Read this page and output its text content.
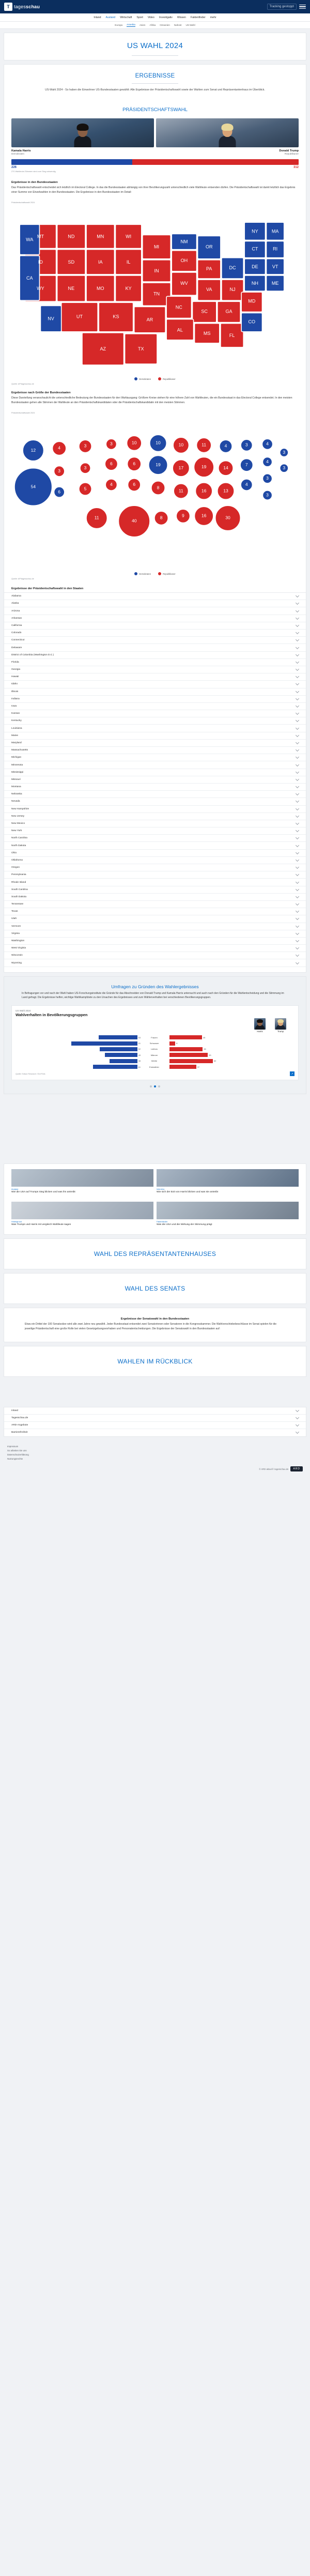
T tagesschau	Tracking gestoppt
Inland Ausland Wirtschaft Sport Video Investigativ Wissen Faktenfinder mehr
Europa Amerika Asien Afrika Ozeanien Nahost US-Wahl
US WAHL 2024
ERGEBNISSE
US-Wahl 2024 - So haben die Einwohner US-Bundesstaaten gewählt: Alle Ergebnisse der Präsidentschaftswahl sowie der Wahlen zum Senat und Repräsentantenhaus im Überblick.
PRÄSIDENTSCHAFTSWAHL
Kamala Harris
Demokraten
Donald Trump
Republikaner
226	312
270 Wahlleute-Stimmen sind zum Sieg notwendig
Ergebnisse in den Bundesstaaten
Das Präsidentschaftswahl entscheidet sich letztlich im Electoral College. In das die Bundesstaaten abhängig von ihrer Bevölkerungszahl unterschiedlich viele Wahlleute entsenden dürfen. Die Präsidentschaftswahl ist damit letztlich das Ergebnis einer Summe von Einzelwahlen in den Bundesstaaten. Die Ergebnisse in den Bundesstaaten im Detail:
Präsidentschaftswahl 2024
MT	ND	MN	WI
ID	SD	IA	IL
MI
IN
OH
PA
WY	NE	MO	KY
TN
WV
VA	NJ
UT	KS
AR
NC
SC	GA
MD
AL
MS	FL
AZ	TX
NY	MA
CT	RI
DE	VT
NH	ME
DC
CA
WA
NV
CO
NM
OR
Demokraten	Republikaner
Quelle: AP/tagesschau.de
Ergebnisse nach Größe der Bundesstaaten
Diese Darstellung veranschaulicht die unterschiedliche Bedeutung der Bundesstaaten für den Wahlausgang: Größere Kreise stehen für eine höhere Zahl von Wahlleuten, die ein Bundesstaat in das Electoral College entsendet. In den meisten Bundesstaaten gehen alle Stimmen der Wahlleute an den Präsidentschaftskandidaten oder die Präsidentschaftskandidatin mit den meisten Stimmen.
Präsidentschaftswahl 2024
12
54
4
3
6
3
3
5
3
6
4
11
10
6
6
40
10
19
8
8
10
17
11
9
11
19
16
16
4
14
13
30
3
7
4
4
4
3
3
3
3
Demokraten	Republikaner
Quelle: AP/tagesschau.de
Ergebnisse der Präsidentschaftswahl in den Staaten
Alabama
Alaska
Arizona
Arkansas
California
Colorado
Connecticut
Delaware
District of Columbia (Washington D.C.)
Florida
Georgia
Hawaii
Idaho
Illinois
Indiana
Iowa
Kansas
Kentucky
Louisiana
Maine
Maryland
Massachusetts
Michigan
Minnesota
Mississippi
Missouri
Montana
Nebraska
Nevada
New Hampshire
New Jersey
New Mexico
New York
North Carolina
North Dakota
Ohio
Oklahoma
Oregon
Pennsylvania
Rhode Island
South Carolina
South Dakota
Tennessee
Texas
Utah
Vermont
Virginia
Washington
West Virginia
Wisconsin
Wyoming
Umfragen zu Gründen des Wahlergebnisses
In Befragungen vor und nach der Wahl haben US-Forschungsinstitute die Gründe für das Abschneiden von Donald Trump und Kamala Harris untersucht und auch nach den Gründen für die Wahlentscheidung und die Stimmung im Land gefragt. Die Ergebnisse helfen, wichtige Wahlkampfziele zu den Ursachen des Ergebnisses und zum Wählerverhalten bei verschiedenen Bevölkerungsgruppen.
US Wahl 2024
Wahlverhalten in Bevölkerungsgruppen
Harris	Trump
53	Frauen	45
91	Schwarze	8
52	Latinos	46
45	Männer	53
38	Weiße	60
61	Erstwähler	37
Quelle: Edison Research / Exit Polls	↗
Analyse
Wie die USA auf Trumps Sieg blicken und was ihn antreibt
Interview
Wie sich der Exit von Harris blicken und was sie antreibt
Hintergrund
Was Trumps und Harris mit vergleich Wahlleute sagen
Faktenfinder
Was die USA und die Wirkung der Stimmung prägt
WAHL DES REPRÄSENTANTENHAUSES
WAHL DES SENATS
Ergebnisse der Senatswahl in den Bundesstaaten
Etwa ein Drittel der 100 Senatssitze wird alle zwei Jahre neu gewählt. Jeder Bundesstaat entsendet zwei Senatorinnen oder Senatoren in die Kongresskammer. Die Wahlverschiebebeschlüsse im Senat spielen für die jeweilige Präsidentschaft eine große Rolle bei vielen Gesetzgebungsvorhaben und Personalentscheidungen. Die Ergebnisse der Senatswahl in den Bundesstaaten auf:
WAHLEN IM RÜCKBLICK
Inland
Tagesschau.de
ARD-Angebote
Barrierefreiheit
Impressum
So arbeiten Sie uns
Datenschutzerklärung
Nutzungsrechte
© ARD-aktuell / tagesschau.de	ARD
